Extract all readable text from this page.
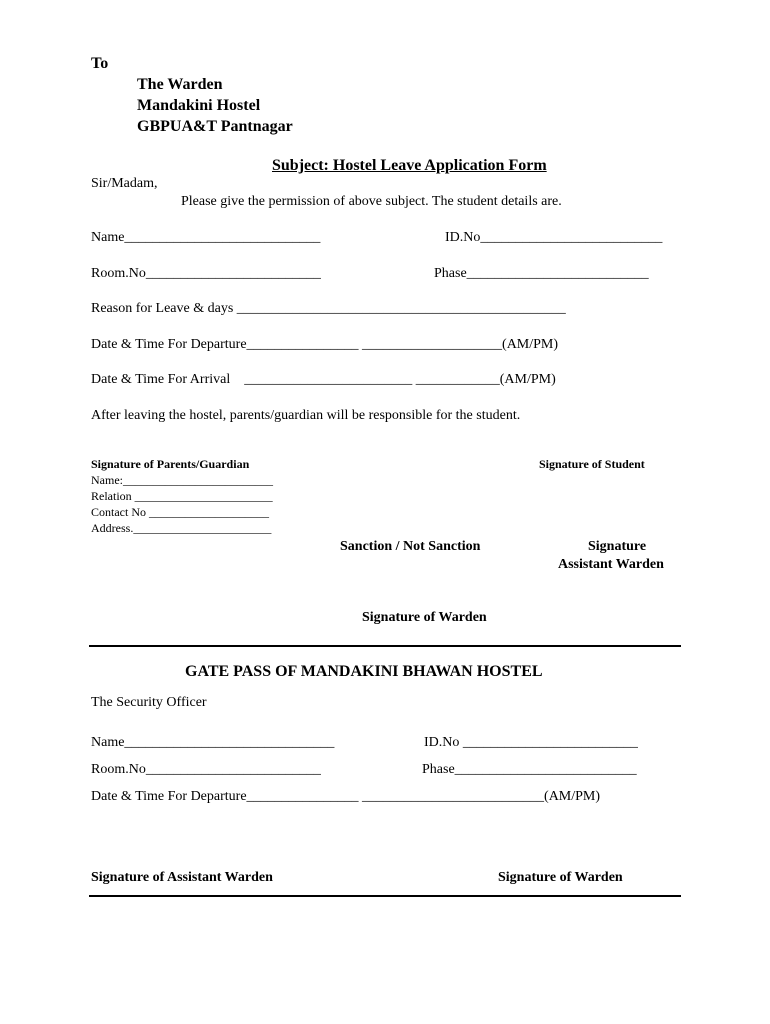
To
The Warden
Mandakini Hostel
GBPUA&T Pantnagar
Subject: Hostel Leave Application Form
Sir/Madam,
Please give the permission of above subject. The student details are.
Name____________________________	ID.No__________________________
Room.No_________________________	Phase__________________________
Reason for Leave & days _______________________________________________
Date & Time For Departure________________ ____________________(AM/PM)
Date & Time For Arrival    ________________________ ____________(AM/PM)
After leaving the hostel, parents/guardian will be responsible for the student.
Signature of Parents/Guardian
Name:_________________________
Relation _______________________
Contact No ____________________
Address._______________________
Signature of Student
Sanction / Not Sanction	Signature
Assistant Warden
Signature of Warden
GATE PASS OF MANDAKINI BHAWAN HOSTEL
The Security Officer
Name______________________________	ID.No _________________________
Room.No_________________________	Phase__________________________
Date & Time For Departure________________ __________________________(AM/PM)
Signature of Assistant Warden	Signature of Warden
